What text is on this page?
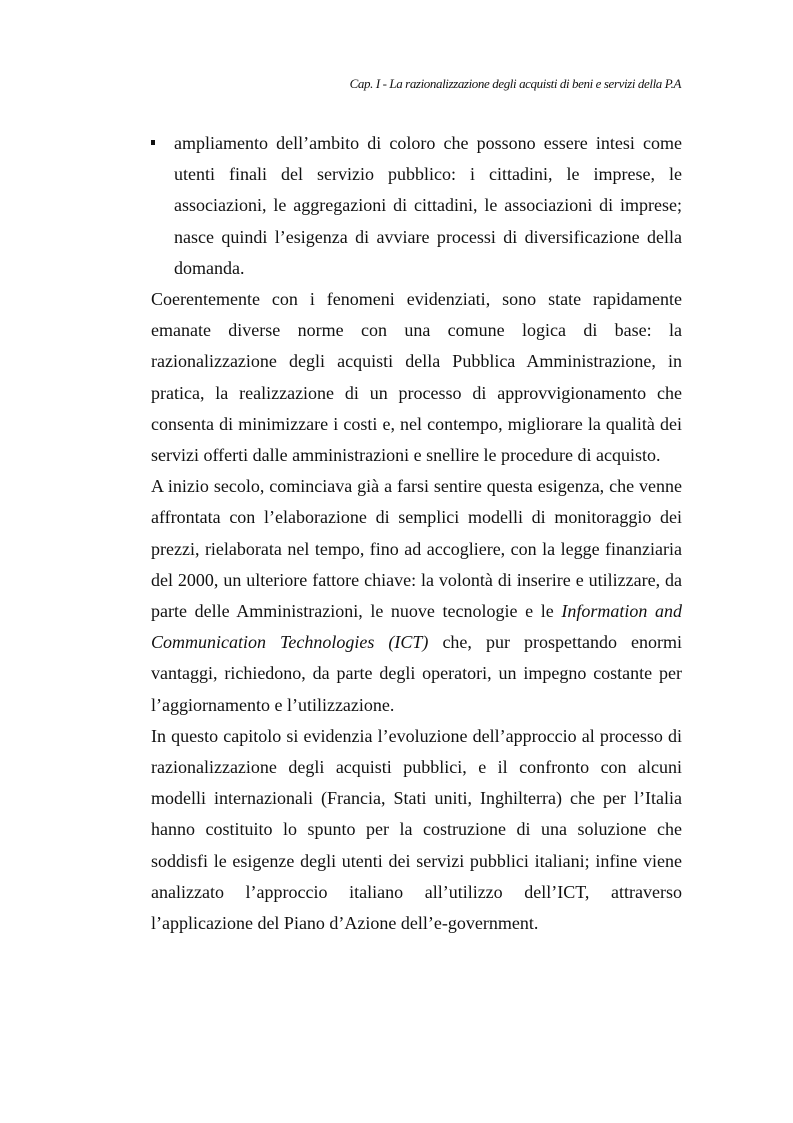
Cap. I - La razionalizzazione degli acquisti di beni e servizi della P.A
ampliamento dell’ambito di coloro che possono essere intesi come utenti finali del servizio pubblico: i cittadini, le imprese, le associazioni, le aggregazioni di cittadini, le associazioni di imprese; nasce quindi l’esigenza di avviare processi di diversificazione della domanda.

Coerentemente con i fenomeni evidenziati, sono state rapidamente emanate diverse norme con una comune logica di base: la razionalizzazione degli acquisti della Pubblica Amministrazione, in pratica, la realizzazione di un processo di approvvigionamento che consenta di minimizzare i costi e, nel contempo, migliorare la qualità dei servizi offerti dalle amministrazioni e snellire le procedure di acquisto.

A inizio secolo, cominciava già a farsi sentire questa esigenza, che venne affrontata con l’elaborazione di semplici modelli di monitoraggio dei prezzi, rielaborata nel tempo, fino ad accogliere, con la legge finanziaria del 2000, un ulteriore fattore chiave: la volontà di inserire e utilizzare, da parte delle Amministrazioni, le nuove tecnologie e le Information and Communication Technologies (ICT) che, pur prospettando enormi vantaggi, richiedono, da parte degli operatori, un impegno costante per l’aggiornamento e l’utilizzazione.

In questo capitolo si evidenzia l’evoluzione dell’approccio al processo di razionalizzazione degli acquisti pubblici, e il confronto con alcuni modelli internazionali (Francia, Stati uniti, Inghilterra) che per l’Italia hanno costituito lo spunto per la costruzione di una soluzione che soddisfi le esigenze degli utenti dei servizi pubblici italiani; infine viene analizzato l’approccio italiano all’utilizzo dell’ICT, attraverso l’applicazione del Piano d’Azione dell’e-government.
